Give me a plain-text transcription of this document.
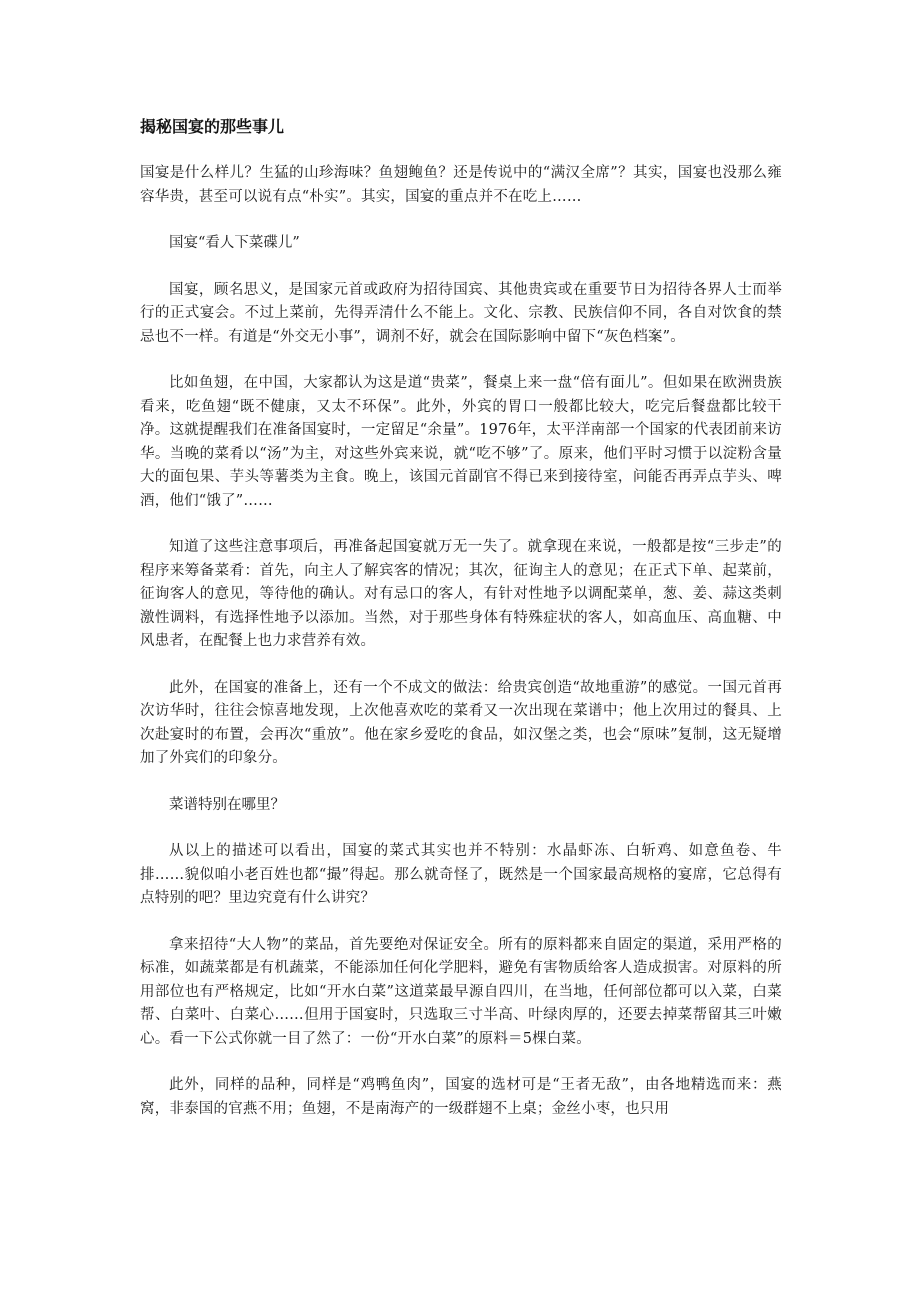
揭秘国宴的那些事儿

国宴是什么样儿？生猛的山珍海味？鱼翅鲍鱼？还是传说中的“满汉全席”？其实，国宴也没那么雍容华贵，甚至可以说有点“朴实”。其实，国宴的重点并不在吃上……

国宴“看人下菜碟儿”

国宴，顾名思义，是国家元首或政府为招待国宾、其他贵宾或在重要节日为招待各界人士而举行的正式宴会。不过上菜前，先得弄清什么不能上。文化、宗教、民族信仰不同，各自对饮食的禁忌也不一样。有道是“外交无小事”，调剂不好，就会在国际影响中留下“灰色档案”。

比如鱼翅，在中国，大家都认为这是道“贵菜”，餐桌上来一盘“倍有面儿”。但如果在欧洲贵族看来，吃鱼翅“既不健康，又太不环保”。此外，外宾的胃口一般都比较大，吃完后餐盘都比较干净。这就提醒我们在准备国宴时，一定留足“余量”。1976年，太平洋南部一个国家的代表团前来访华。当晚的菜肴以“汤”为主，对这些外宾来说，就“吃不够”了。原来，他们平时习惯于以淀粉含量大的面包果、芋头等薯类为主食。晚上，该国元首副官不得已来到接待室，问能否再弄点芋头、啤酒，他们“饿了”……

知道了这些注意事项后，再准备起国宴就万无一失了。就拿现在来说，一般都是按“三步走”的程序来筹备菜肴：首先，向主人了解宾客的情况；其次，征询主人的意见；在正式下单、起菜前，征询客人的意见，等待他的确认。对有忌口的客人，有针对性地予以调配菜单，葱、姜、蒜这类刺激性调料，有选择性地予以添加。当然，对于那些身体有特殊症状的客人，如高血压、高血糖、中风患者，在配餐上也力求营养有效。

此外，在国宴的准备上，还有一个不成文的做法：给贵宾创造“故地重游”的感觉。一国元首再次访华时，往往会惊喜地发现，上次他喜欢吃的菜肴又一次出现在菜谱中；他上次用过的餐具、上次赴宴时的布置，会再次“重放”。他在家乡爱吃的食品，如汉堡之类，也会“原味”复制，这无疑增加了外宾们的印象分。

菜谱特别在哪里？

从以上的描述可以看出，国宴的菜式其实也并不特别：水晶虾冻、白斩鸡、如意鱼卷、牛排……貌似咱小老百姓也都“撮”得起。那么就奇怪了，既然是一个国家最高规格的宴席，它总得有点特别的吧？里边究竟有什么讲究？

拿来招待“大人物”的菜品，首先要绝对保证安全。所有的原料都来自固定的渠道，采用严格的标准，如蔬菜都是有机蔬菜，不能添加任何化学肥料，避免有害物质给客人造成损害。对原料的所用部位也有严格规定，比如“开水白菜”这道菜最早源自四川，在当地，任何部位都可以入菜，白菜帮、白菜叶、白菜心……但用于国宴时，只选取三寸半高、叶绿肉厚的，还要去掉菜帮留其三叶嫩心。看一下公式你就一目了然了：一份“开水白菜”的原料＝5棵白菜。

此外，同样的品种，同样是“鸡鸭鱼肉”，国宴的选材可是“王者无敌”，由各地精选而来：燕窝，非泰国的官燕不用；鱼翅，不是南海产的一级群翅不上桌；金丝小枣，也只用
